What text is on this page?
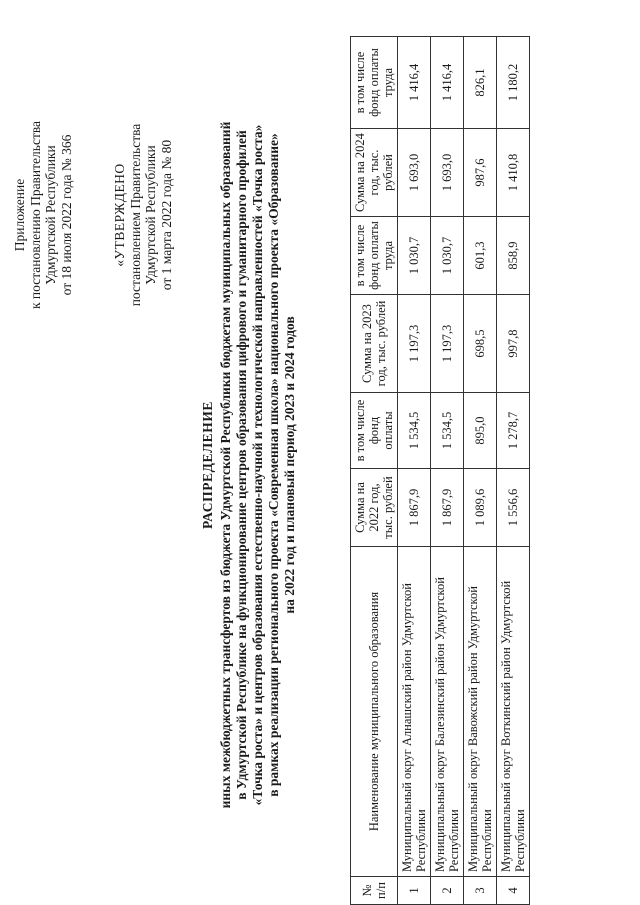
Приложение к постановлению Правительства Удмуртской Республики от 18 июля 2022 года № 366	«УТВЕРЖДЕНО постановлением Правительства Удмуртской Республики от 1 марта 2022 года № 80
РАСПРЕДЕЛЕНИЕ иных межбюджетных трансфертов из бюджета Удмуртской Республики бюджетам муниципальных образований в Удмуртской Республике на функционирование центров образования цифрового и гуманитарного профилей «Точка роста» и центров образования естественно-научной и технологической направленностей «Точка роста» в рамках реализации регионального проекта «Современная школа» национального проекта «Образование» на 2022 год и плановый период 2023 и 2024 годов
№ п/п	Наименование муниципального образования	Сумма на 2022 год, тыс. рублей	в том числе фонд оплаты	Сумма на 2023 год, тыс. рублей	в том числе фонд оплаты труда	Сумма на 2024 год, тыс. рублей	в том числе фонд оплаты труда
1	Муниципальный округ Алнашский район Удмуртской Республики	1 867,9	1 534,5	1 197,3	1 030,7	1 693,0	1 416,4
2	Муниципальный округ Балезинский район Удмуртской Республики	1 867,9	1 534,5	1 197,3	1 030,7	1 693,0	1 416,4
3	Муниципальный округ Вавожский район Удмуртской Республики	1 089,6	895,0	698,5	601,3	987,6	826,1
4	Муниципальный округ Воткинский район Удмуртской Республики	1 556,6	1 278,7	997,8	858,9	1 410,8	1 180,2
